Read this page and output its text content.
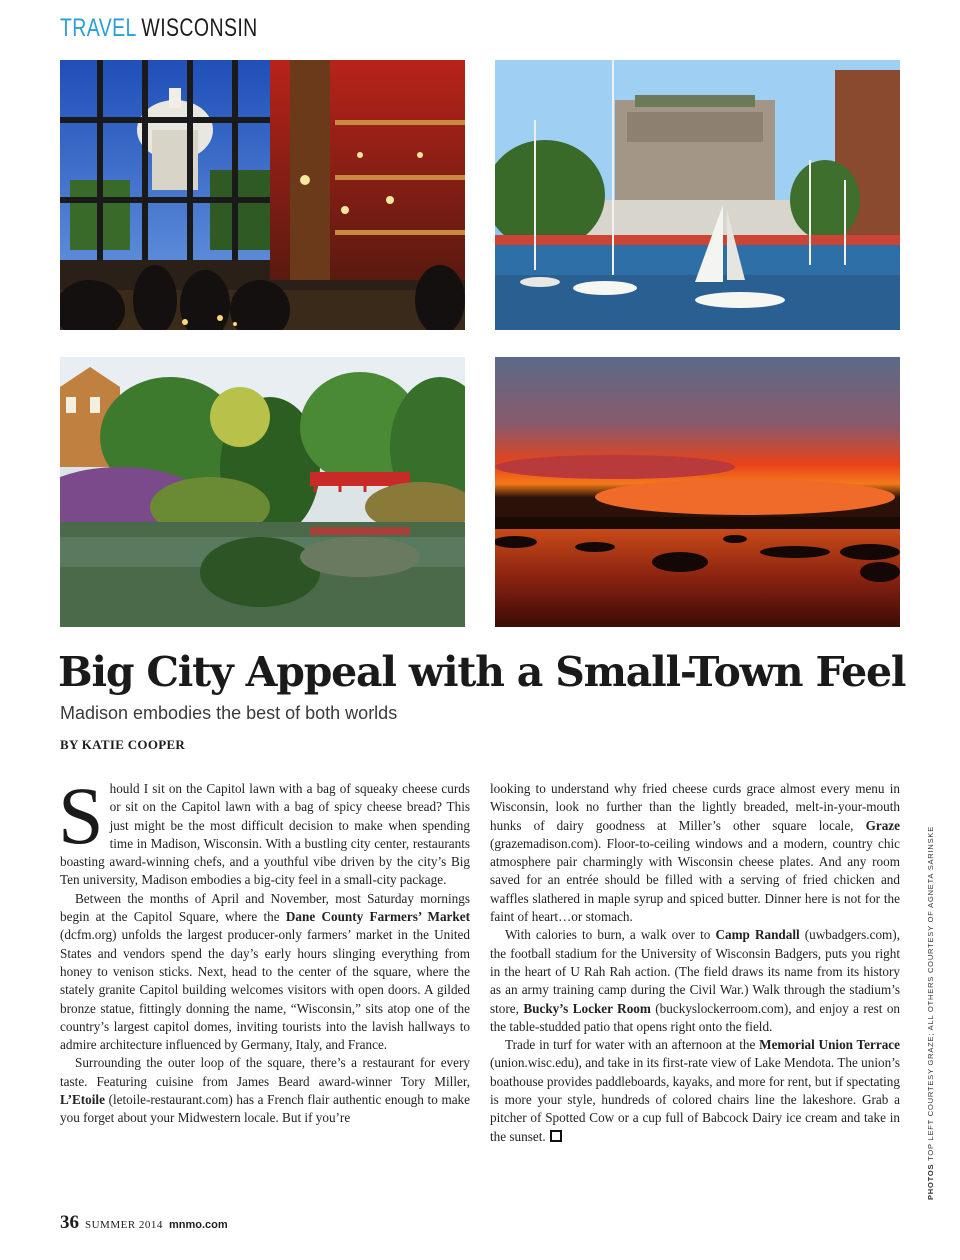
TRAVEL WISCONSIN
Big City Appeal with a Small-Town Feel
Madison embodies the best of both worlds
BY KATIE COOPER

Should I sit on the Capitol lawn with a bag of squeaky cheese curds or sit on the Capitol lawn with a bag of spicy cheese bread? This just might be the most difficult decision to make when spending time in Madison, Wisconsin. With a bustling city center, restaurants boasting award-winning chefs, and a youthful vibe driven by the city’s Big Ten university, Madison embodies a big-city feel in a small-city package.

Between the months of April and November, most Saturday mornings begin at the Capitol Square, where the Dane County Farmers’ Market (dcfm.org) unfolds the largest producer-only farmers’ market in the United States and vendors spend the day’s early hours slinging everything from honey to venison sticks. Next, head to the center of the square, where the stately granite Capitol building welcomes visitors with open doors. A gilded bronze statue, fittingly donning the name, “Wisconsin,” sits atop one of the country’s largest capitol domes, inviting tourists into the lavish hallways to admire architecture influenced by Germany, Italy, and France.

Surrounding the outer loop of the square, there’s a restaurant for every taste. Featuring cuisine from James Beard award-winner Tory Miller, L’Etoile (letoile-restaurant.com) has a French flair authentic enough to make you forget about your Midwestern locale. But if you’re

looking to understand why fried cheese curds grace almost every menu in Wisconsin, look no further than the lightly breaded, melt-in-your-mouth hunks of dairy goodness at Miller’s other square locale, Graze (grazemadison.com). Floor-to-ceiling windows and a modern, country chic atmosphere pair charmingly with Wisconsin cheese plates. And any room saved for an entrée should be filled with a serving of fried chicken and waffles slathered in maple syrup and spiced butter. Dinner here is not for the faint of heart…or stomach.

With calories to burn, a walk over to Camp Randall (uwbadgers.com), the football stadium for the University of Wisconsin Badgers, puts you right in the heart of U Rah Rah action. (The field draws its name from its history as an army training camp during the Civil War.) Walk through the stadium’s store, Bucky’s Locker Room (buckyslockerroom.com), and enjoy a rest on the table-studded patio that opens right onto the field.

Trade in turf for water with an afternoon at the Memorial Union Terrace (union.wisc.edu), and take in its first-rate view of Lake Mendota. The union’s boathouse provides paddleboards, kayaks, and more for rent, but if spectating is more your style, hundreds of colored chairs line the lakeshore. Grab a pitcher of Spotted Cow or a cup full of Babcock Dairy ice cream and take in the sunset.

PHOTOS TOP LEFT COURTESY GRAZE; ALL OTHERS COURTESY OF AGNETA SARINSKE
36 SUMMER 2014 mnmo.com
